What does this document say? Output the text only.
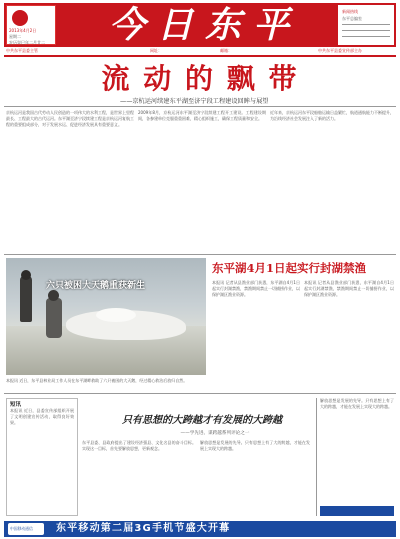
2013年4月2日
星期二
农历癸巳年二月廿二	今日东平	新闻热线
东平总编室
中共东平县委主管	网址：	邮箱：	中共东平县委宣传部主办
流 动 的 飘 带
——京杭运河续建东平湖至济宁段工程建设回眸与展望
京杭运河是我国古代劳动人民创造的一项伟大的水利工程，是世界上里程最长、工程最大的古代运河。东平湖至济宁段续建工程是京杭运河复航工程的重要组成部分，对于发展水运、促进经济发展具有重要意义。
2009年8月，京杭运河东平湖至济宁段续建工程开工建设。工程建设期间，各参建单位克服重重困难，精心组织施工，确保工程质量和安全。
近年来，京杭运河东平段船舶运输日益繁忙，航道通航能力不断提升，为沿线经济社会发展注入了新的活力。
六只被困大天鹅重获新生
本报讯 近日，东平县林业局工作人员在东平湖畔救助了六只被困的大天鹅，经过精心救治后放归自然。
东平湖4月1日起实行封湖禁渔
本报讯 记者从县渔业部门获悉，东平湖自4月1日起实行封湖禁渔，禁渔期间禁止一切捕捞作业，以保护湖区渔业资源。
本报讯 记者从县渔业部门获悉，东平湖自4月1日起实行封湖禁渔，禁渔期间禁止一切捕捞作业，以保护湖区渔业资源。
短讯
本报讯 近日，县委宣传部组织开展了文明创建宣传活动，取得良好效果。	只有思想的大跨越才有发展的大跨越
——学先进、谋跨越系列评论之一
东平县委、县政府提出了建设经济强县、文化名县的奋斗目标。实现这一目标，首先要解放思想，更新观念。
解放思想是发展的先导。只有思想上有了大的跨越，才能在发展上实现大的跨越。
解放思想是发展的先导。只有思想上有了大的跨越，才能在发展上实现大的跨越。
中国移动通信	东平移动第二届3G手机节盛大开幕
